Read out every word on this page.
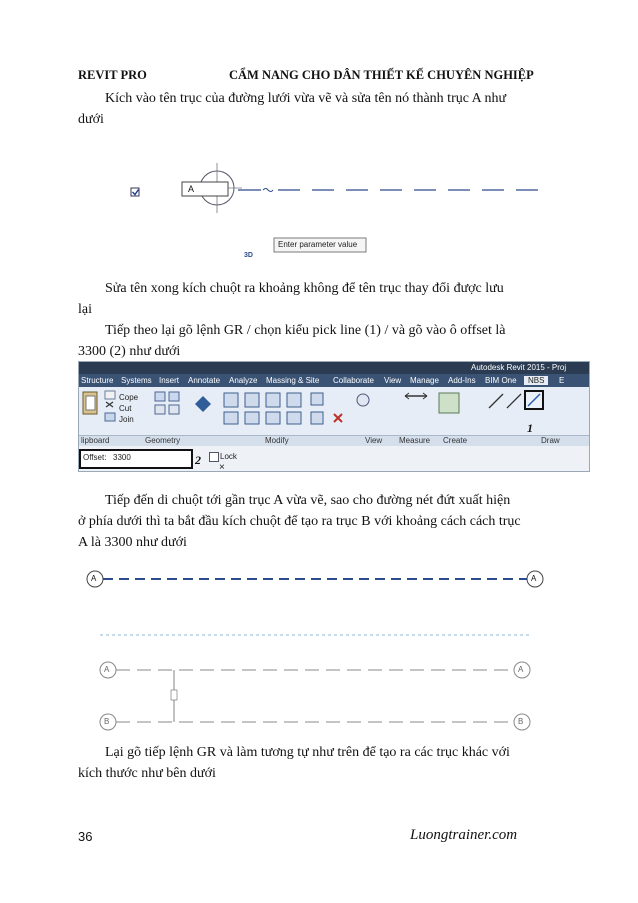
REVIT PRO	CẨM NANG CHO DÂN THIẾT KẾ CHUYÊN NGHIỆP
Kích vào tên trục của đường lưới vừa vẽ và sửa tên nó thành trục A như
dưới
A
Enter parameter value
3D
Sửa tên xong kích chuột ra khoảng không để tên trục thay đổi được lưu
lại
Tiếp theo lại gõ lệnh GR / chọn kiểu pick line (1) / và gõ vào ô offset là
3300 (2) như dưới
Autodesk Revit 2015 - Proj
Structure Systems Insert Annotate Analyze Massing & Site Collaborate View Manage Add-Ins BIM One	NBS	E
Cope
Cut
Join
1
lipboard	Geometry	Modify	View Measure Create	Draw
Offset: 3300	2 Lock
×
Tiếp đến di chuột tới gần trục A vừa vẽ, sao cho đường nét đứt xuất hiện
ở phía dưới thì ta bắt đầu kích chuột để tạo ra trục B với khoảng cách cách trục
A là 3300 như dưới
A	A
A	A
B	B
Lại gõ tiếp lệnh GR và làm tương tự như trên để tạo ra các trục khác với
kích thước như bên dưới
36	Luongtrainer.com
